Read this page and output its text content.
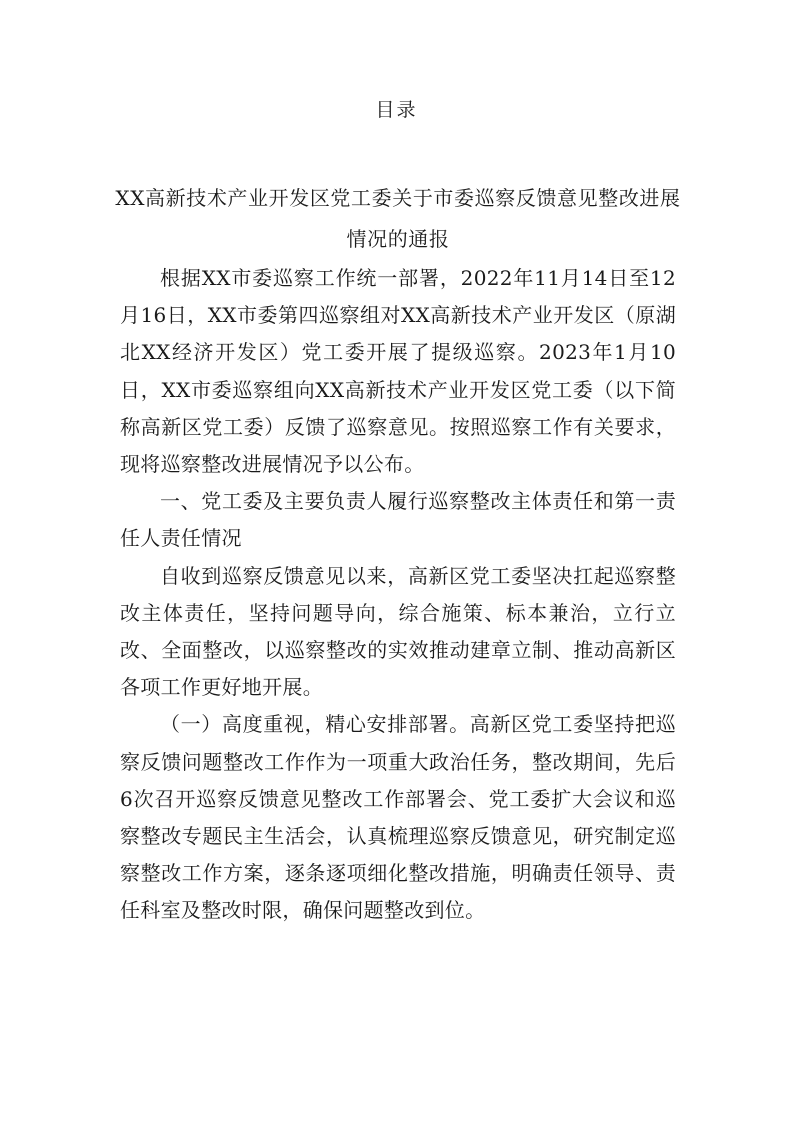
目录
XX高新技术产业开发区党工委关于市委巡察反馈意见整改进展情况的通报

根据XX市委巡察工作统一部署，2022年11月14日至12月16日，XX市委第四巡察组对XX高新技术产业开发区（原湖北XX经济开发区）党工委开展了提级巡察。2023年1月10日，XX市委巡察组向XX高新技术产业开发区党工委（以下简称高新区党工委）反馈了巡察意见。按照巡察工作有关要求，现将巡察整改进展情况予以公布。

一、党工委及主要负责人履行巡察整改主体责任和第一责任人责任情况

自收到巡察反馈意见以来，高新区党工委坚决扛起巡察整改主体责任，坚持问题导向，综合施策、标本兼治，立行立改、全面整改，以巡察整改的实效推动建章立制、推动高新区各项工作更好地开展。

（一）高度重视，精心安排部署。高新区党工委坚持把巡察反馈问题整改工作作为一项重大政治任务，整改期间，先后6次召开巡察反馈意见整改工作部署会、党工委扩大会议和巡察整改专题民主生活会，认真梳理巡察反馈意见，研究制定巡察整改工作方案，逐条逐项细化整改措施，明确责任领导、责任科室及整改时限，确保问题整改到位。
